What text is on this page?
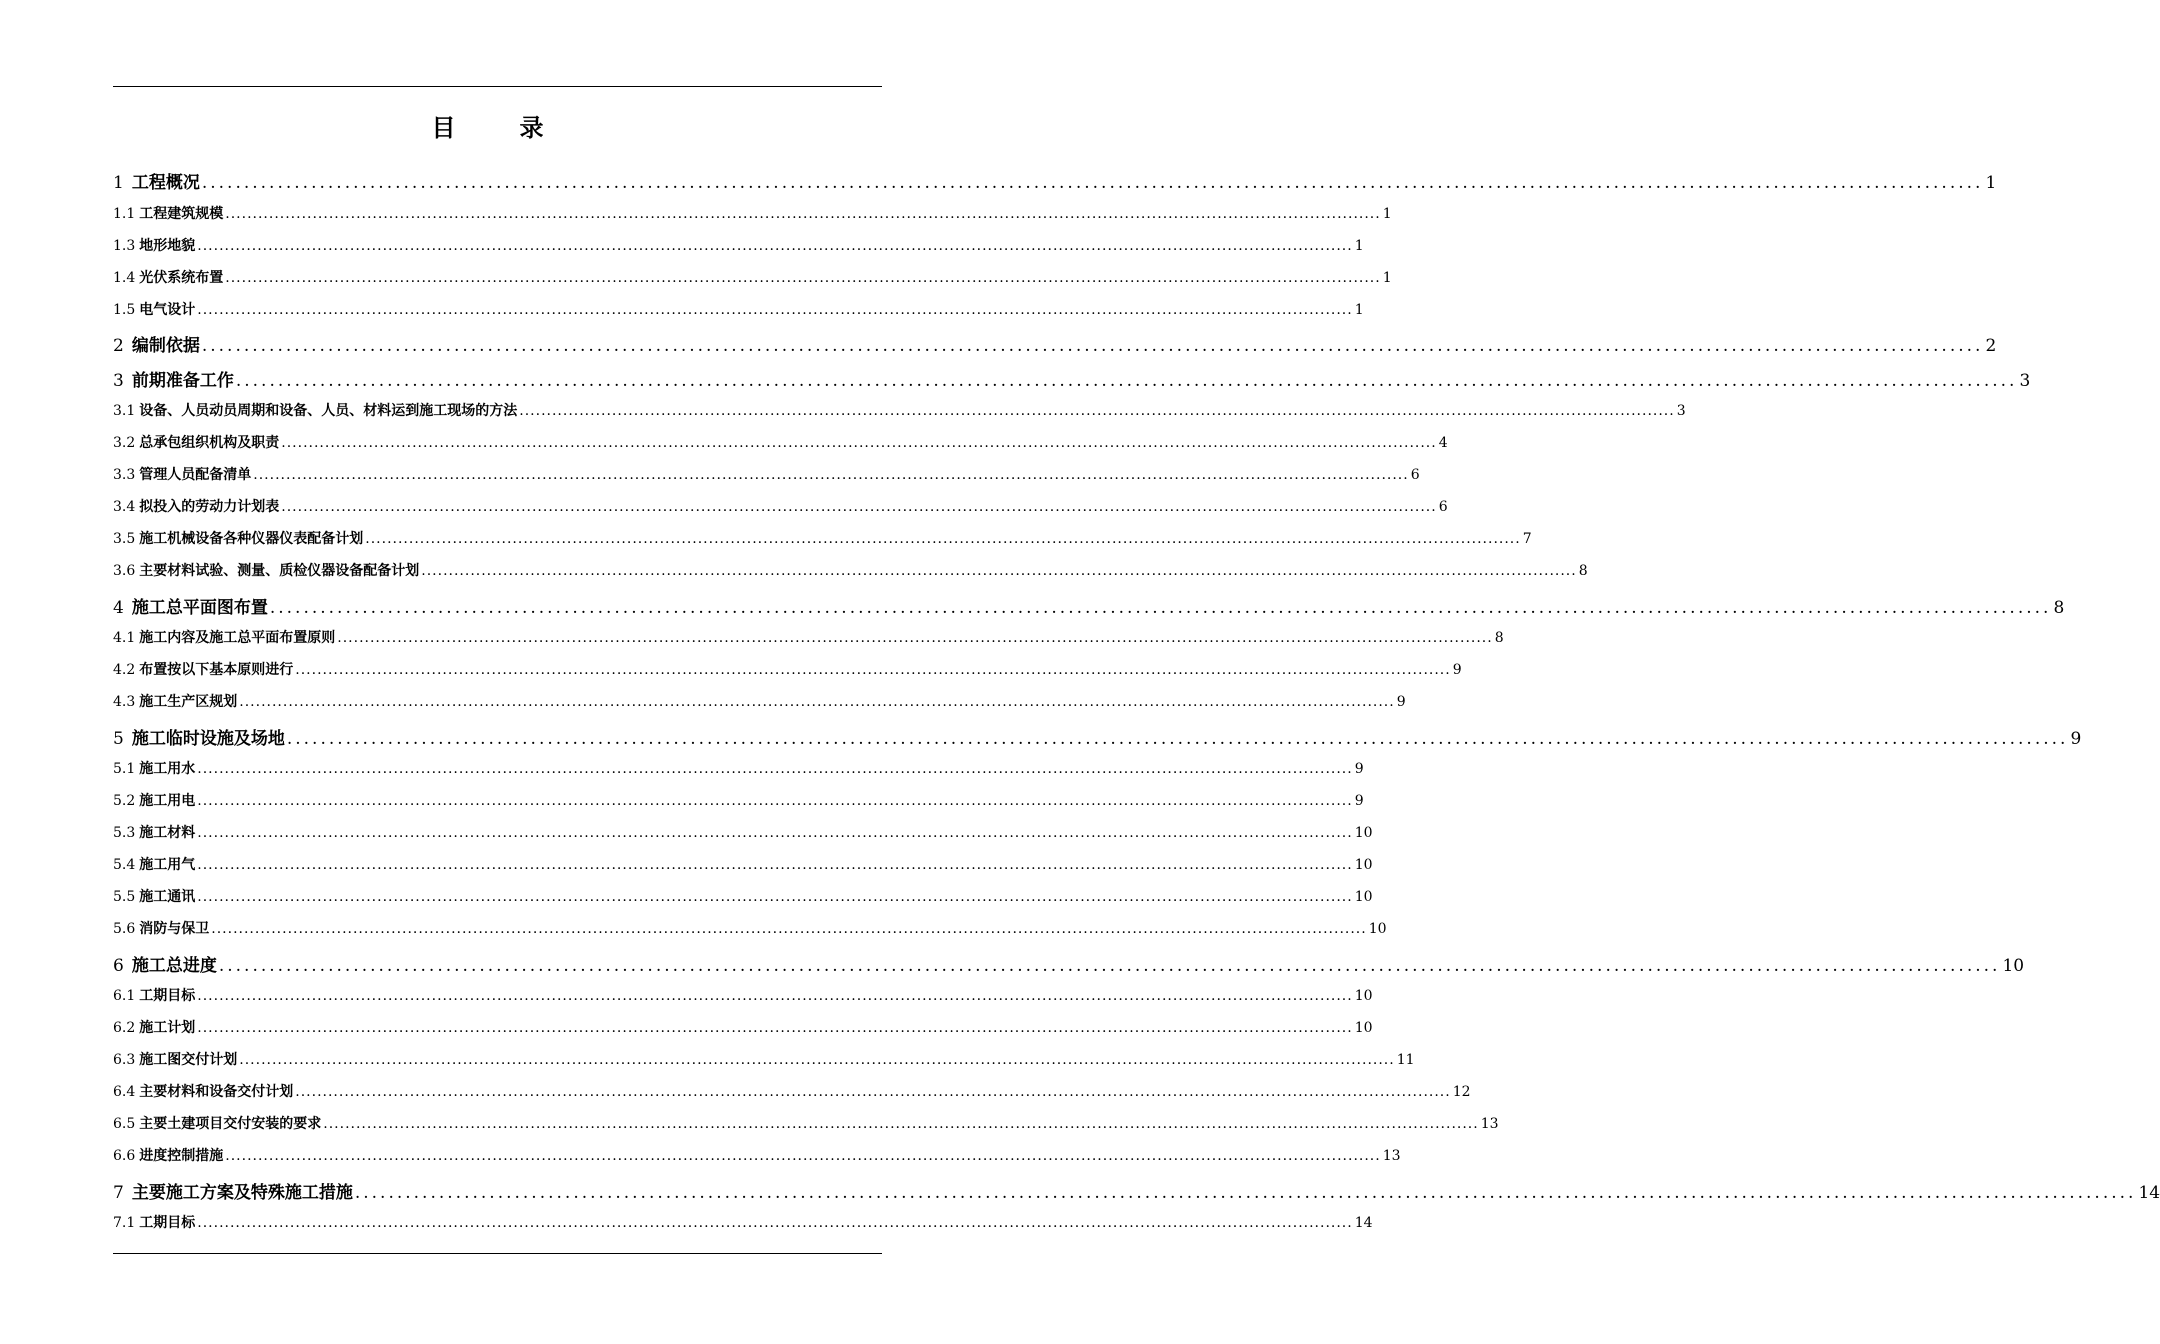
目　录
1 工程概况 .................................................................................................................................................................................................................... 1
1.1 工程建筑规模 .................................................................................................................................................................................................................... 1
1.3 地形地貌 .................................................................................................................................................................................................................... 1
1.4 光伏系统布置 .................................................................................................................................................................................................................... 1
1.5 电气设计 .................................................................................................................................................................................................................... 1
2 编制依据 .................................................................................................................................................................................................................... 2
3 前期准备工作 .................................................................................................................................................................................................................... 3
3.1 设备、人员动员周期和设备、人员、材料运到施工现场的方法 .................................................................................................................................................................................................................... 3
3.2 总承包组织机构及职责 .................................................................................................................................................................................................................... 4
3.3 管理人员配备清单 .................................................................................................................................................................................................................... 6
3.4 拟投入的劳动力计划表 .................................................................................................................................................................................................................... 6
3.5 施工机械设备各种仪器仪表配备计划 .................................................................................................................................................................................................................... 7
3.6 主要材料试验、测量、质检仪器设备配备计划 .................................................................................................................................................................................................................... 8
4 施工总平面图布置 .................................................................................................................................................................................................................... 8
4.1 施工内容及施工总平面布置原则 .................................................................................................................................................................................................................... 8
4.2 布置按以下基本原则进行 .................................................................................................................................................................................................................... 9
4.3 施工生产区规划 .................................................................................................................................................................................................................... 9
5 施工临时设施及场地 .................................................................................................................................................................................................................... 9
5.1 施工用水 .................................................................................................................................................................................................................... 9
5.2 施工用电 .................................................................................................................................................................................................................... 9
5.3 施工材料 .................................................................................................................................................................................................................... 10
5.4 施工用气 .................................................................................................................................................................................................................... 10
5.5 施工通讯 .................................................................................................................................................................................................................... 10
5.6 消防与保卫 .................................................................................................................................................................................................................... 10
6 施工总进度 .................................................................................................................................................................................................................... 10
6.1 工期目标 .................................................................................................................................................................................................................... 10
6.2 施工计划 .................................................................................................................................................................................................................... 10
6.3 施工图交付计划 .................................................................................................................................................................................................................... 11
6.4 主要材料和设备交付计划 .................................................................................................................................................................................................................... 12
6.5 主要土建项目交付安装的要求 .................................................................................................................................................................................................................... 13
6.6 进度控制措施 .................................................................................................................................................................................................................... 13
7 主要施工方案及特殊施工措施 .................................................................................................................................................................................................................... 14
7.1 工期目标 .................................................................................................................................................................................................................... 14
